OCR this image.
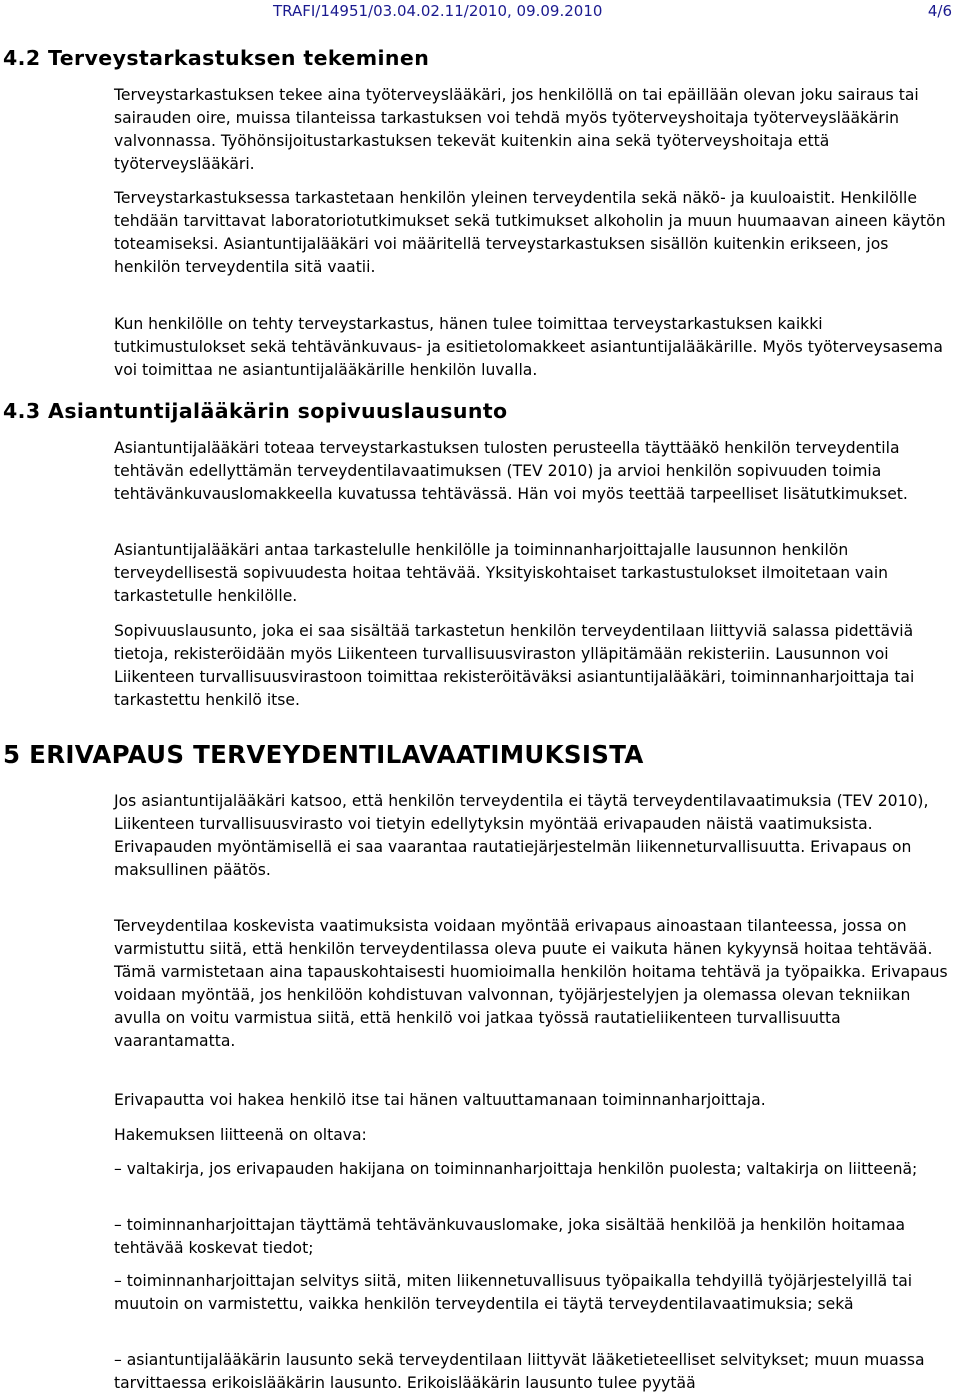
TRAFI/14951/03.04.02.11/2010, 09.09.2010	4/6
4.2 Terveystarkastuksen tekeminen

Terveystarkastuksen tekee aina työterveyslääkäri, jos henkilöllä on tai epäillään olevan joku sairaus tai sairauden oire, muissa tilanteissa tarkastuksen voi tehdä myös työterveyshoitaja työterveyslääkärin valvonnassa. Työhönsijoitustarkastuksen tekevät kuitenkin aina sekä työterveyshoitaja että työterveyslääkäri.

Terveystarkastuksessa tarkastetaan henkilön yleinen terveydentila sekä näkö- ja kuuloaistit. Henkilölle tehdään tarvittavat laboratoriotutkimukset sekä tutkimukset alkoholin ja muun huumaavan aineen käytön toteamiseksi. Asiantuntijalääkäri voi määritellä terveystarkastuksen sisällön kuitenkin erikseen, jos henkilön terveydentila sitä vaatii.

Kun henkilölle on tehty terveystarkastus, hänen tulee toimittaa terveystarkastuksen kaikki tutkimustulokset sekä tehtävänkuvaus- ja esitietolomakkeet asiantuntijalääkärille. Myös työterveysasema voi toimittaa ne asiantuntijalääkärille henkilön luvalla.

4.3 Asiantuntijalääkärin sopivuuslausunto

Asiantuntijalääkäri toteaa terveystarkastuksen tulosten perusteella täyttääkö henkilön terveydentila tehtävän edellyttämän terveydentilavaatimuksen (TEV 2010) ja arvioi henkilön sopivuuden toimia tehtävänkuvauslomakkeella kuvatussa tehtävässä. Hän voi myös teettää tarpeelliset lisätutkimukset.

Asiantuntijalääkäri antaa tarkastelulle henkilölle ja toiminnanharjoittajalle lausunnon henkilön terveydellisestä sopivuudesta hoitaa tehtävää. Yksityiskohtaiset tarkastustulokset ilmoitetaan vain tarkastetulle henkilölle.

Sopivuuslausunto, joka ei saa sisältää tarkastetun henkilön terveydentilaan liittyviä salassa pidettäviä tietoja, rekisteröidään myös Liikenteen turvallisuusviraston ylläpitämään rekisteriin. Lausunnon voi Liikenteen turvallisuusvirastoon toimittaa rekisteröitäväksi asiantuntijalääkäri, toiminnanharjoittaja tai tarkastettu henkilö itse.

5 ERIVAPAUS TERVEYDENTILAVAATIMUKSISTA

Jos asiantuntijalääkäri katsoo, että henkilön terveydentila ei täytä terveydentilavaatimuksia (TEV 2010), Liikenteen turvallisuusvirasto voi tietyin edellytyksin myöntää erivapauden näistä vaatimuksista. Erivapauden myöntämisellä ei saa vaarantaa rautatiejärjestelmän liikenneturvallisuutta. Erivapaus on maksullinen päätös.

Terveydentilaa koskevista vaatimuksista voidaan myöntää erivapaus ainoastaan tilanteessa, jossa on varmistuttu siitä, että henkilön terveydentilassa oleva puute ei vaikuta hänen kykyynsä hoitaa tehtävää. Tämä varmistetaan aina tapauskohtaisesti huomioimalla henkilön hoitama tehtävä ja työpaikka. Erivapaus voidaan myöntää, jos henkilöön kohdistuvan valvonnan, työjärjestelyjen ja olemassa olevan tekniikan avulla on voitu varmistua siitä, että henkilö voi jatkaa työssä rautatieliikenteen turvallisuutta vaarantamatta.

Erivapautta voi hakea henkilö itse tai hänen valtuuttamanaan toiminnanharjoittaja.

Hakemuksen liitteenä on oltava:

– valtakirja, jos erivapauden hakijana on toiminnanharjoittaja henkilön puolesta; valtakirja on liitteenä;

– toiminnanharjoittajan täyttämä tehtävänkuvauslomake, joka sisältää henkilöä ja henkilön hoitamaa tehtävää koskevat tiedot;

– toiminnanharjoittajan selvitys siitä, miten liikennetuvallisuus työpaikalla tehdyillä työjärjestelyillä tai muutoin on varmistettu, vaikka henkilön terveydentila ei täytä terveydentilavaatimuksia; sekä

– asiantuntijalääkärin lausunto sekä terveydentilaan liittyvät lääketieteelliset selvitykset; muun muassa tarvittaessa erikoislääkärin lausunto. Erikoislääkärin lausunto tulee pyytää
